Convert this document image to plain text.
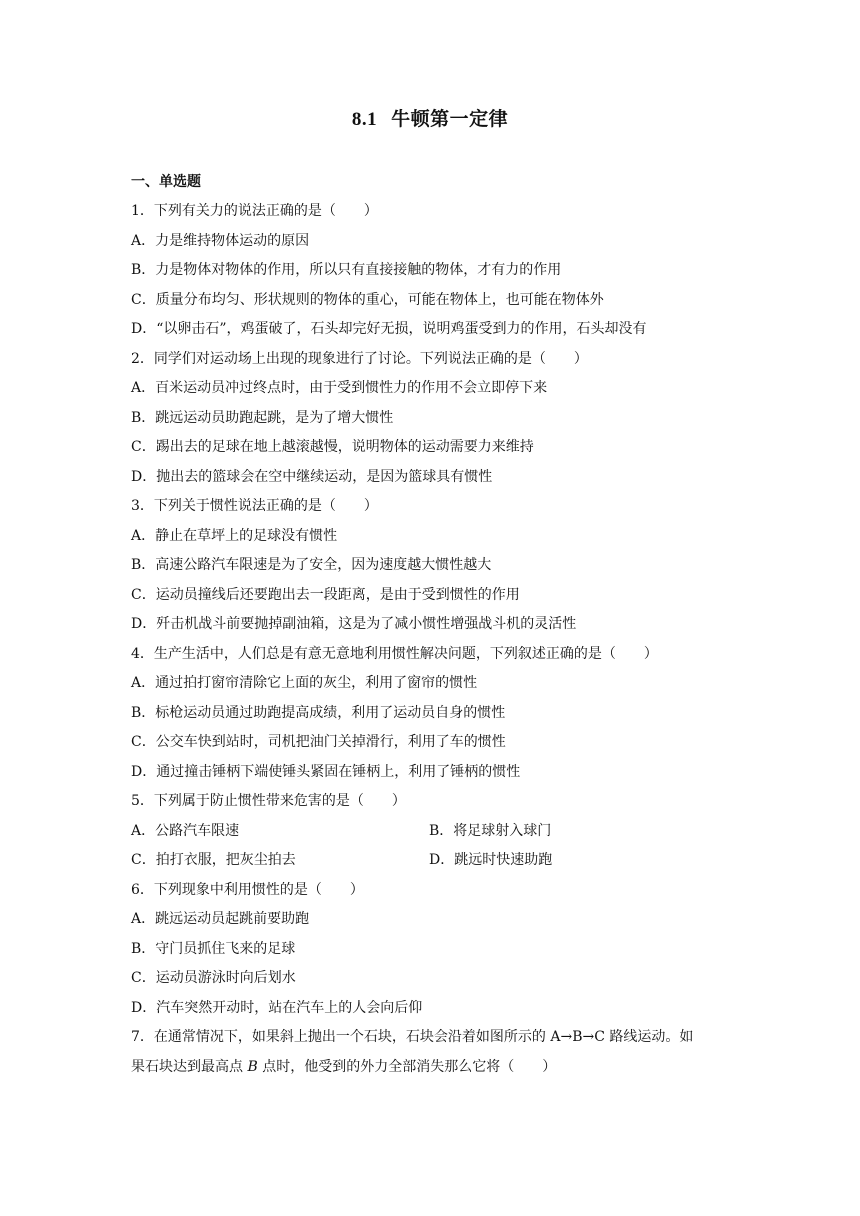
8.1 牛顿第一定律
一、单选题
1．下列有关力的说法正确的是（　　）
A．力是维持物体运动的原因
B．力是物体对物体的作用，所以只有直接接触的物体，才有力的作用
C．质量分布均匀、形状规则的物体的重心，可能在物体上，也可能在物体外
D．“以卵击石”，鸡蛋破了，石头却完好无损，说明鸡蛋受到力的作用，石头却没有
2．同学们对运动场上出现的现象进行了讨论。下列说法正确的是（　　）
A．百米运动员冲过终点时，由于受到惯性力的作用不会立即停下来
B．跳远运动员助跑起跳，是为了增大惯性
C．踢出去的足球在地上越滚越慢，说明物体的运动需要力来维持
D．抛出去的篮球会在空中继续运动，是因为篮球具有惯性
3．下列关于惯性说法正确的是（　　）
A．静止在草坪上的足球没有惯性
B．高速公路汽车限速是为了安全，因为速度越大惯性越大
C．运动员撞线后还要跑出去一段距离，是由于受到惯性的作用
D．歼击机战斗前要抛掉副油箱，这是为了减小惯性增强战斗机的灵活性
4．生产生活中，人们总是有意无意地利用惯性解决问题，下列叙述正确的是（　　）
A．通过拍打窗帘清除它上面的灰尘，利用了窗帘的惯性
B．标枪运动员通过助跑提高成绩，利用了运动员自身的惯性
C．公交车快到站时，司机把油门关掉滑行，利用了车的惯性
D．通过撞击锤柄下端使锤头紧固在锤柄上，利用了锤柄的惯性
5．下列属于防止惯性带来危害的是（　　）
A．公路汽车限速	B．将足球射入球门
C．拍打衣服，把灰尘拍去	D．跳远时快速助跑
6．下列现象中利用惯性的是（　　）
A．跳远运动员起跳前要助跑
B．守门员抓住飞来的足球
C．运动员游泳时向后划水
D．汽车突然开动时，站在汽车上的人会向后仰
7．在通常情况下，如果斜上抛出一个石块，石块会沿着如图所示的 A→B→C 路线运动。如
果石块达到最高点 B 点时，他受到的外力全部消失那么它将（　　）
